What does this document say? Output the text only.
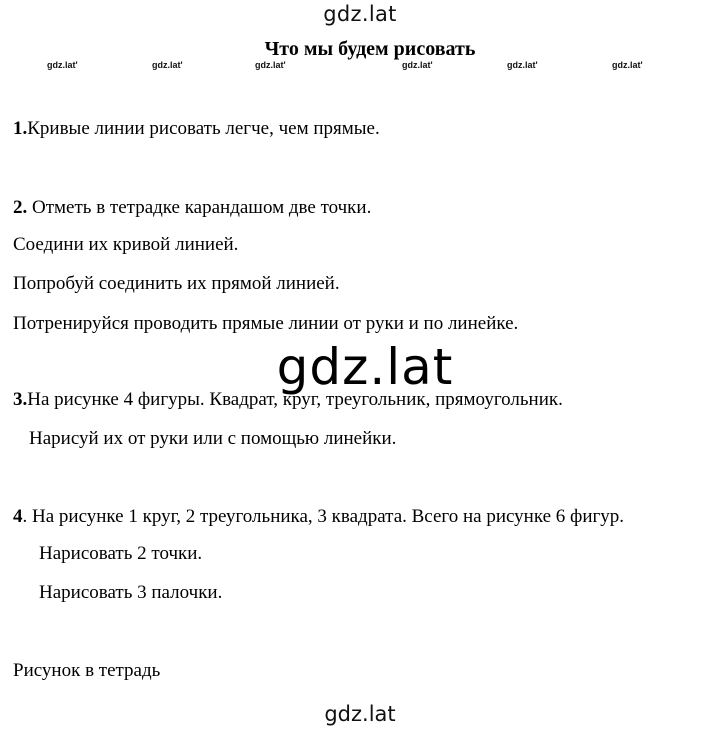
gdz.lat
Что мы будем рисовать
gdz.lat'	gdz.lat'	gdz.lat'	gdz.lat'	gdz.lat'	gdz.lat'
1.Кривые линии рисовать легче, чем прямые.
2. Отметь в тетрадке карандашом две точки.
Соедини их кривой линией.
Попробуй соединить их прямой линией.
Потренируйся проводить прямые линии от руки и по линейке.
gdz.lat
3.На рисунке 4 фигуры. Квадрат, круг, треугольник, прямоугольник.
Нарисуй их от руки или с помощью линейки.
4. На рисунке 1 круг, 2 треугольника, 3 квадрата. Всего на рисунке 6 фигур.
Нарисовать 2 точки.
Нарисовать 3 палочки.
Рисунок в тетрадь
gdz.lat
